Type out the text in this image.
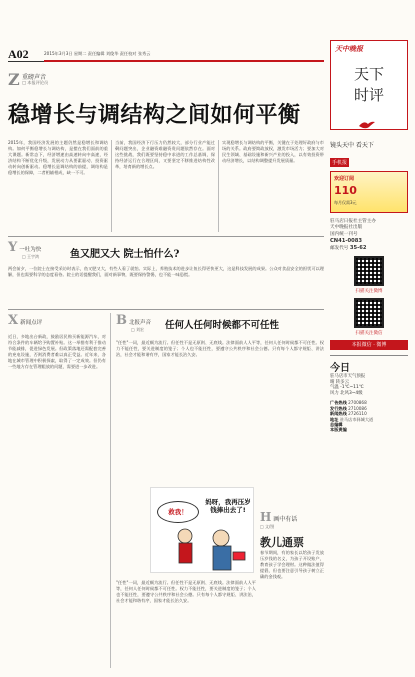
A02	2015年3月3日 星期二 责任编辑 刘俊华 责任校对 张秀云
天中晚报
天下
时评
镜头天中 看天下
手机报
欢迎订阅
110
每月仅需3元
驻马店日报社主管主办
天中晚报社出版
国内统一刊号
CN41-0083
邮发代号 35-62
扫描关注微博
扫描关注微信
本报微信 · 微博
今日
驻马店市天气预报
晴 转多云
气温 -1℃~11℃
风力 北风3~4级
广告热线 2700868
发行热线 2710086
新闻热线 2726110
地址 驻马店市驿城大道
总编辑
本版责编
Z 重磅声音
□ 本报评论员
稳增长与调结构之间如何平衡
2015年，我国经济发展的主题仍然是稳增长和调结构。如何平衡稳增长与调结构，是摆在我们面前的重大课题。新常态下，经济增速由高速转向中高速，经济结构不断优化升级，发展动力从要素驱动、投资驱动转向创新驱动。稳增长是调结构的前提，调结构是稳增长的保障，二者相辅相成，缺一不可。
当前，我国经济下行压力仍然较大，部分行业产能过剩问题突出，企业融资难融资贵问题依然存在。面对这些挑战，我们既要坚持稳中求进的工作总基调，保持经济运行在合理区间，又要坚定不移推进结构性改革，培育新的增长点。
实现稳增长与调结构的平衡，关键在于处理好政府与市场的关系。政府要简政放权，激发市场活力；要加大对民生领域、基础设施和新兴产业的投入，以有效投资带动经济增长，以结构调整提升发展质量。
Y一吐为快
□ 王宇鸿	鱼又肥又大 院士怕什么?
两会前夕，一位院士在接受采访时表示，鱼又肥又大，有些人看了就怕。实际上，养殖技术的进步让鱼长得更快更大，这是科技发展的成果。公众对食品安全的担忧可以理解，但也需要科学的态度看待。院士的话提醒我们，面对新事物，既要保持警惕，也不能一味恐慌。
X新闻点评
近日，多地出台新政，鼓励居民购买新能源汽车，对符合条件的车辆给予购置补贴。这一举措有利于推动节能减排，促进绿色发展。但政策落地还需配套完善的充电设施，否则消费者难以真正受益。近年来，各地在城市管理中积极探索，取得了一定成效。但仍有一些地方存在管理粗放的问题，需要进一步改进。
B北报声音
□ 刘宏 任何人任何时候都不可任性
"任性"一词，最近颇为流行。但任性不是无原则、无底线。法律面前人人平等，任何人任何时候都不可任性。权力不能任性，要关进制度的笼子；个人也不能任性，要遵守公共秩序和社会公德。只有每个人都守规矩、讲法治，社会才能和谐有序，国家才能长治久安。
救我！
妈呀，我再压岁钱捧出去了!	H 画中有话
□ 文/图
教儿通票
春节期间，有的家长以给孩子发放压岁钱的名义，为孩子开设账户，教育孩子学会理财。这种做法值得提倡，但也要注意引导孩子树立正确的金钱观。
"任性"一词，最近颇为流行。但任性不是无原则、无底线。法律面前人人平等，任何人任何时候都不可任性。权力不能任性，要关进制度的笼子；个人也不能任性，要遵守公共秩序和社会公德。只有每个人都守规矩、讲法治，社会才能和谐有序，国家才能长治久安。
